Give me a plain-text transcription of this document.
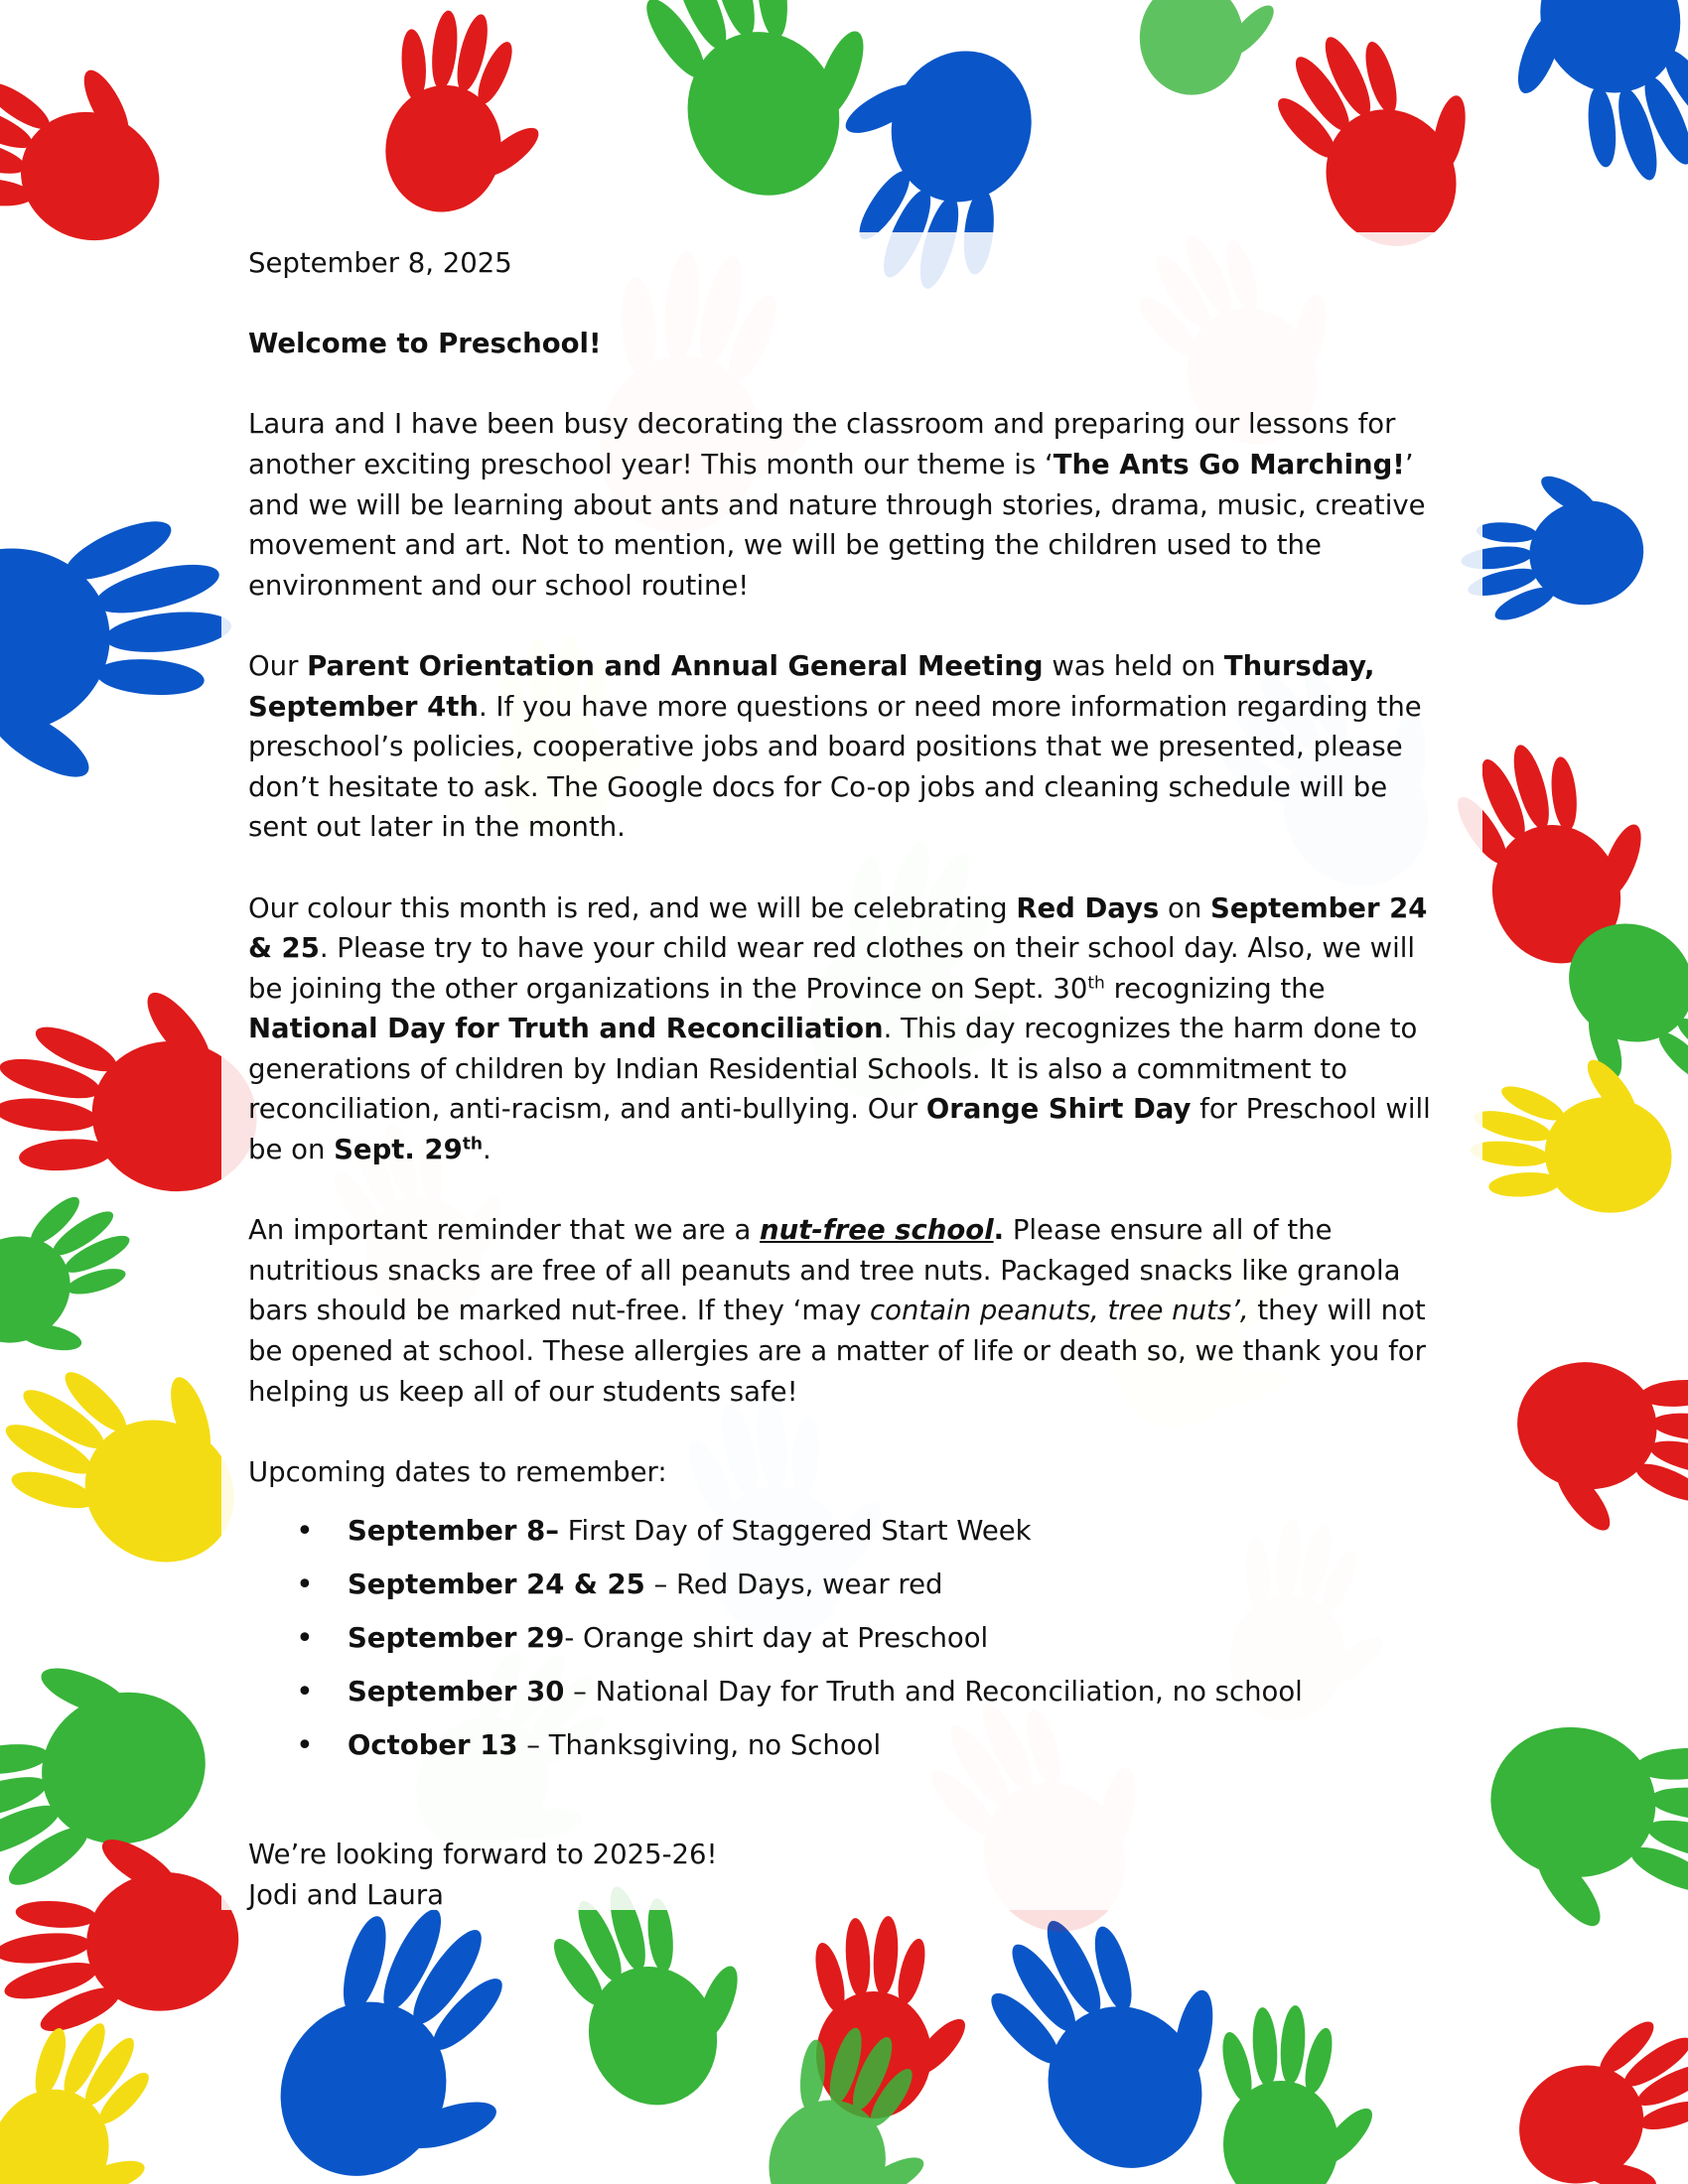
September 8, 2025

Welcome to Preschool!

Laura and I have been busy decorating the classroom and preparing our lessons for another exciting preschool year! This month our theme is ‘The Ants Go Marching!’ and we will be learning about ants and nature through stories, drama, music, creative movement and art. Not to mention, we will be getting the children used to the environment and our school routine!

Our Parent Orientation and Annual General Meeting was held on Thursday, September 4th. If you have more questions or need more information regarding the preschool’s policies, cooperative jobs and board positions that we presented, please don’t hesitate to ask. The Google docs for Co-op jobs and cleaning schedule will be sent out later in the month.

Our colour this month is red, and we will be celebrating Red Days on September 24 & 25. Please try to have your child wear red clothes on their school day. Also, we will be joining the other organizations in the Province on Sept. 30th recognizing the National Day for Truth and Reconciliation. This day recognizes the harm done to generations of children by Indian Residential Schools. It is also a commitment to reconciliation, anti-racism, and anti-bullying. Our Orange Shirt Day for Preschool will be on Sept. 29th.

An important reminder that we are a nut-free school. Please ensure all of the nutritious snacks are free of all peanuts and tree nuts. Packaged snacks like granola bars should be marked nut-free. If they ‘may contain peanuts, tree nuts’, they will not be opened at school. These allergies are a matter of life or death so, we thank you for helping us keep all of our students safe!

Upcoming dates to remember:
• September 8– First Day of Staggered Start Week
• September 24 & 25 – Red Days, wear red
• September 29- Orange shirt day at Preschool
• September 30 – National Day for Truth and Reconciliation, no school
• October 13 – Thanksgiving, no School

We’re looking forward to 2025-26!

Jodi and Laura
